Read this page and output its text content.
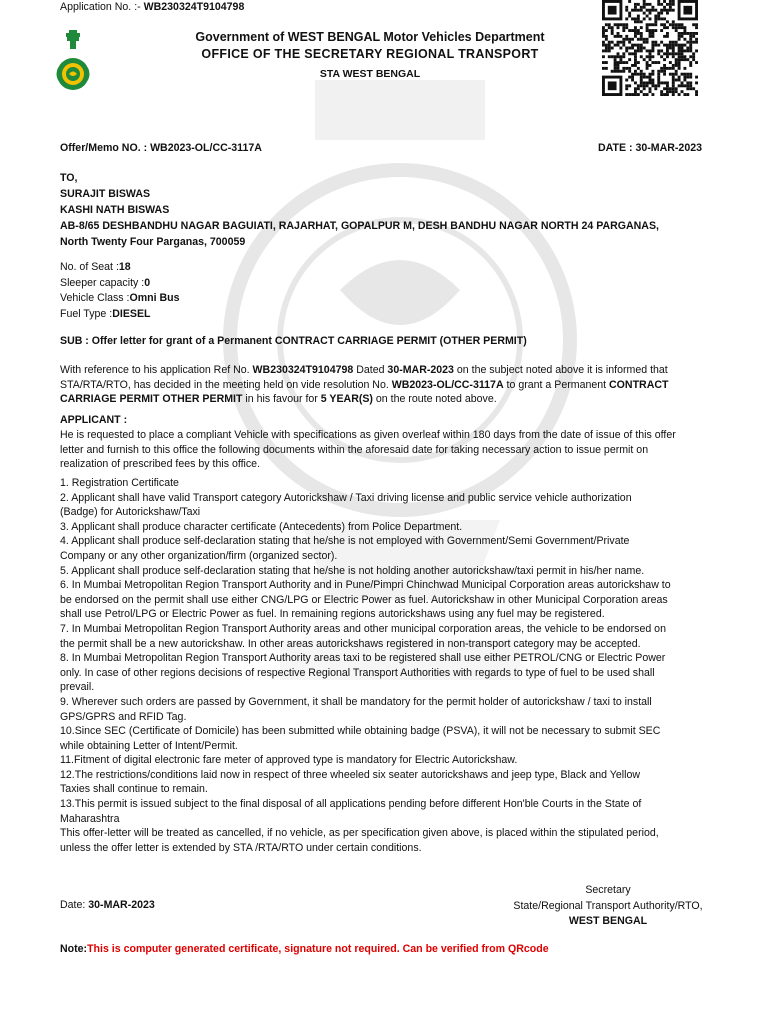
Application No. :- WB230324T9104798
Government of WEST BENGAL Motor Vehicles Department
OFFICE OF THE SECRETARY REGIONAL TRANSPORT
STA WEST BENGAL
Offer/Memo NO. : WB2023-OL/CC-3117A	DATE : 30-MAR-2023
TO,
SURAJIT BISWAS
KASHI NATH BISWAS
AB-8/65 DESHBANDHU NAGAR BAGUIATI, RAJARHAT, GOPALPUR M, DESH BANDHU NAGAR NORTH 24 PARGANAS,
North Twenty Four Parganas, 700059
No. of Seat :18
Sleeper capacity :0
Vehicle Class :Omni Bus
Fuel Type :DIESEL
SUB : Offer letter for grant of a Permanent CONTRACT CARRIAGE PERMIT (OTHER PERMIT)
With reference to his application Ref No. WB230324T9104798 Dated 30-MAR-2023 on the subject noted above it is informed that
STA/RTA/RTO, has decided in the meeting held on vide resolution No. WB2023-OL/CC-3117A to grant a Permanent CONTRACT
CARRIAGE PERMIT OTHER PERMIT in his favour for 5 YEAR(S) on the route noted above.
APPLICANT :
He is requested to place a compliant Vehicle with specifications as given overleaf within 180 days from the date of issue of this offer
letter and furnish to this office the following documents within the aforesaid date for taking necessary action to issue permit on
realization of prescribed fees by this office.
1. Registration Certificate
2. Applicant shall have valid Transport category Autorickshaw / Taxi driving license and public service vehicle authorization
(Badge) for Autorickshaw/Taxi
3. Applicant shall produce character certificate (Antecedents) from Police Department.
4. Applicant shall produce self-declaration stating that he/she is not employed with Government/Semi Government/Private
Company or any other organization/firm (organized sector).
5. Applicant shall produce self-declaration stating that he/she is not holding another autorickshaw/taxi permit in his/her name.
6. In Mumbai Metropolitan Region Transport Authority and in Pune/Pimpri Chinchwad Municipal Corporation areas autorickshaw to
be endorsed on the permit shall use either CNG/LPG or Electric Power as fuel. Autorickshaw in other Municipal Corporation areas
shall use Petrol/LPG or Electric Power as fuel. In remaining regions autorickshaws using any fuel may be registered.
7. In Mumbai Metropolitan Region Transport Authority areas and other municipal corporation areas, the vehicle to be endorsed on
the permit shall be a new autorickshaw. In other areas autorickshaws registered in non-transport category may be accepted.
8. In Mumbai Metropolitan Region Transport Authority areas taxi to be registered shall use either PETROL/CNG or Electric Power
only. In case of other regions decisions of respective Regional Transport Authorities with regards to type of fuel to be used shall
prevail.
9. Wherever such orders are passed by Government, it shall be mandatory for the permit holder of autorickshaw / taxi to install
GPS/GPRS and RFID Tag.
10.Since SEC (Certificate of Domicile) has been submitted while obtaining badge (PSVA), it will not be necessary to submit SEC
while obtaining Letter of Intent/Permit.
11.Fitment of digital electronic fare meter of approved type is mandatory for Electric Autorickshaw.
12.The restrictions/conditions laid now in respect of three wheeled six seater autorickshaws and jeep type, Black and Yellow
Taxies shall continue to remain.
13.This permit is issued subject to the final disposal of all applications pending before different Hon'ble Courts in the State of
Maharashtra
This offer-letter will be treated as cancelled, if no vehicle, as per specification given above, is placed within the stipulated period,
unless the offer letter is extended by STA /RTA/RTO under certain conditions.
Secretary
State/Regional Transport Authority/RTO,
WEST BENGAL
Date: 30-MAR-2023
Note:This is computer generated certificate, signature not required. Can be verified from QRcode
